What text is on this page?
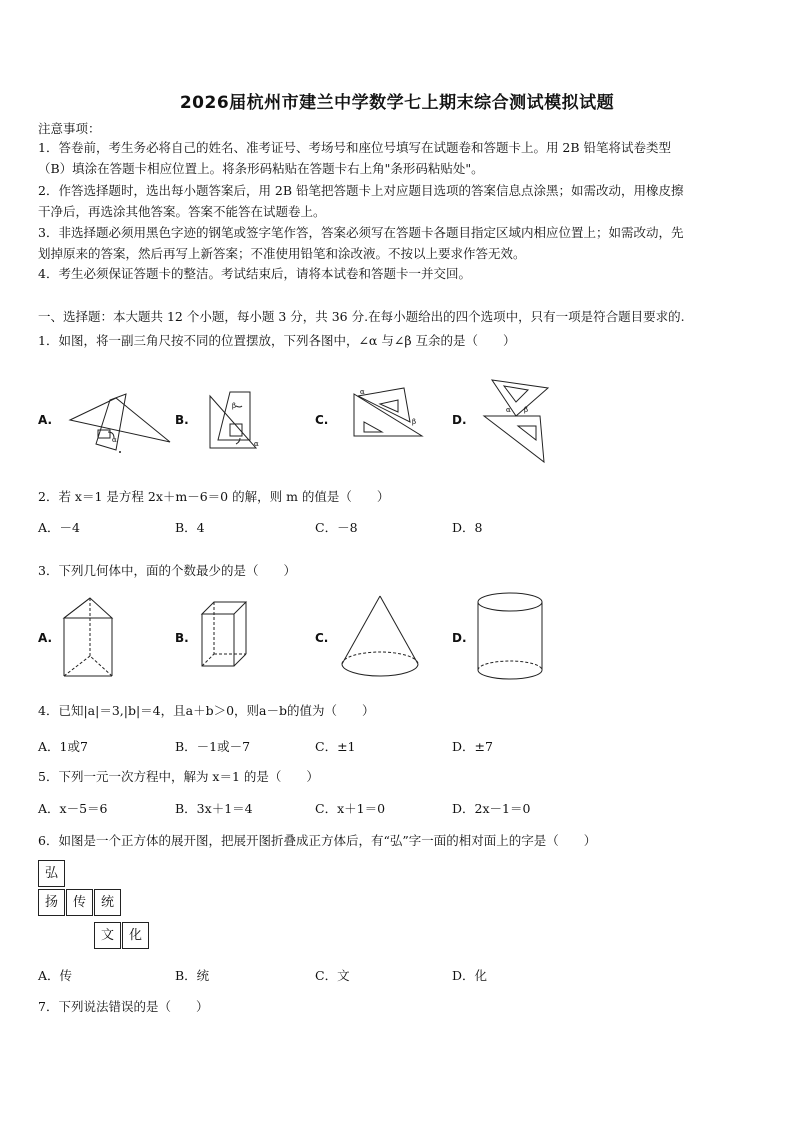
2026届杭州市建兰中学数学七上期末综合测试模拟试题
注意事项：
1．答卷前，考生务必将自己的姓名、准考证号、考场号和座位号填写在试题卷和答题卡上。用 2B 铅笔将试卷类型
（B）填涂在答题卡相应位置上。将条形码粘贴在答题卡右上角"条形码粘贴处"。
2．作答选择题时，选出每小题答案后，用 2B 铅笔把答题卡上对应题目选项的答案信息点涂黑；如需改动，用橡皮擦
干净后，再选涂其他答案。答案不能答在试题卷上。
3．非选择题必须用黑色字迹的钢笔或签字笔作答，答案必须写在答题卡各题目指定区域内相应位置上；如需改动，先
划掉原来的答案，然后再写上新答案；不准使用铅笔和涂改液。不按以上要求作答无效。
4．考生必须保证答题卡的整洁。考试结束后，请将本试卷和答题卡一并交回。
一、选择题：本大题共 12 个小题，每小题 3 分，共 36 分.在每小题给出的四个选项中，只有一项是符合题目要求的.
1．如图，将一副三角尺按不同的位置摆放，下列各图中，∠α 与∠β 互余的是（　　）
A.	B.	C.	D.
α
β
α
α
β
α β
2．若 x＝1 是方程 2x＋m－6＝0 的解，则 m 的值是（　　）
A．－4	B．4	C．－8	D．8
3．下列几何体中，面的个数最少的是（　　）
A.	B.	C.	D.
4．已知|a|＝3,|b|＝4，且a＋b＞0，则a－b的值为（　　）
A．1或7	B．－1或－7	C．±1	D．±7
5．下列一元一次方程中，解为 x＝1 的是（　　）
A．x－5＝6	B．3x＋1＝4	C．x＋1＝0	D．2x－1＝0
6．如图是一个正方体的展开图，把展开图折叠成正方体后，有“弘”字一面的相对面上的字是（　　）
弘
扬	传	统
文	化
A．传	B．统	C．文	D．化
7．下列说法错误的是（　　）
